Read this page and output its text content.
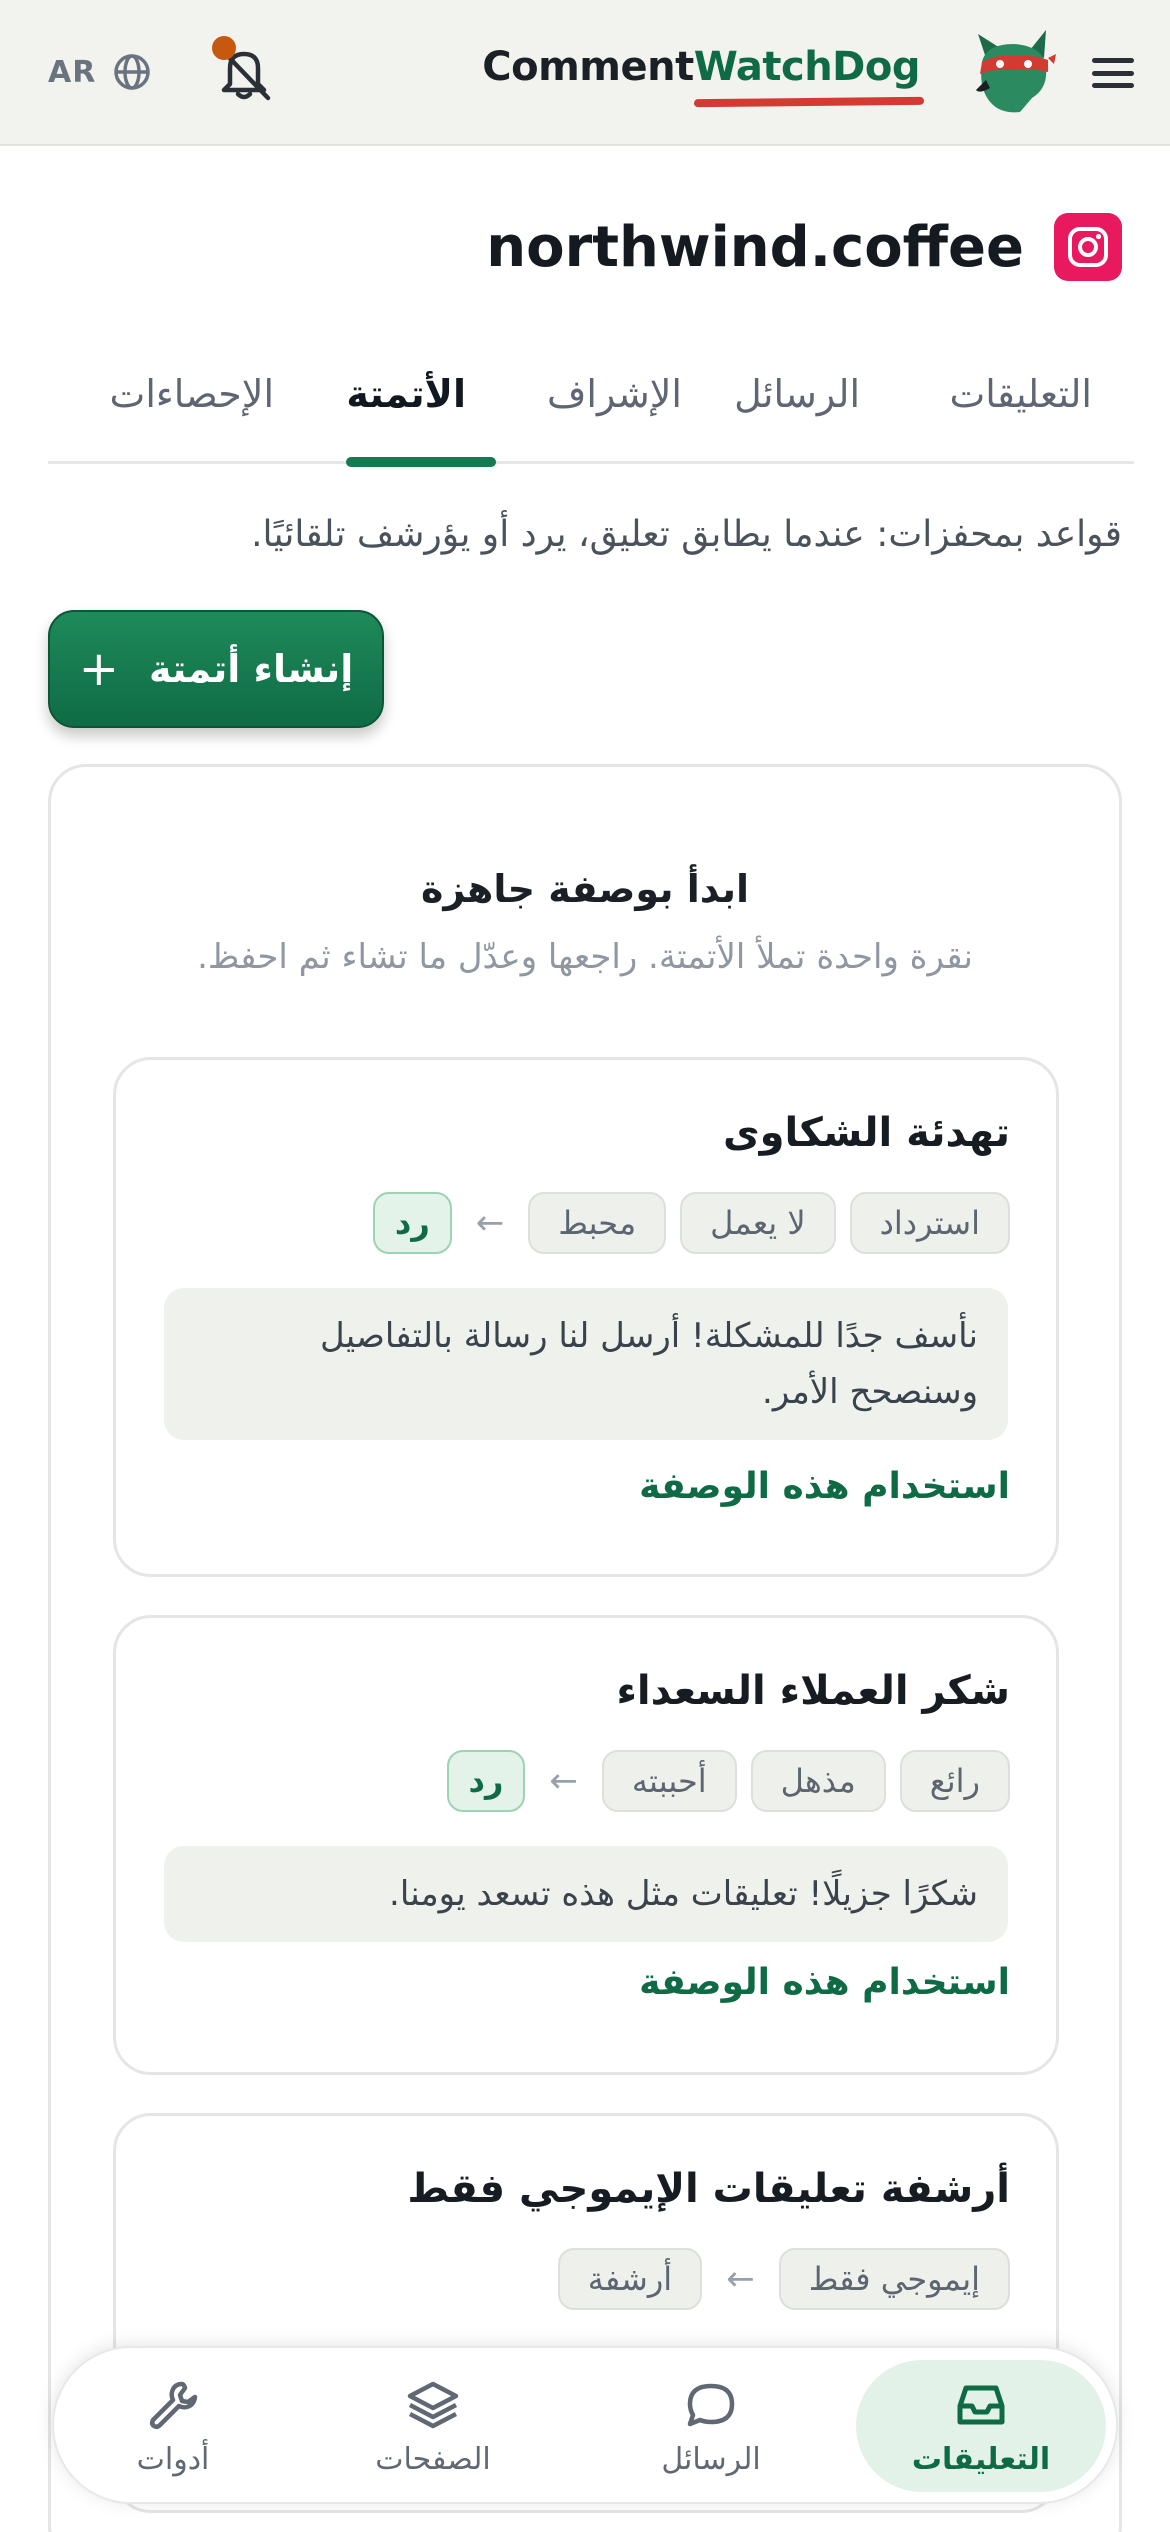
CommentWatchDog
AR
northwind.coffee
التعليقات
الرسائل
الإشراف
الأتمتة
الإحصاءات
قواعد بمحفزات: عندما يطابق تعليق، يرد أو يؤرشف تلقائيًا.
إنشاء أتمتة
+
ابدأ بوصفة جاهزة
نقرة واحدة تملأ الأتمتة. راجعها وعدّل ما تشاء ثم احفظ.
تهدئة الشكاوى
استرداد
لا يعمل
محبط
←
رد
نأسف جدًا للمشكلة! أرسل لنا رسالة بالتفاصيل وسنصحح الأمر.
استخدام هذه الوصفة
شكر العملاء السعداء
رائع
مذهل
أحببته
←
رد
شكرًا جزيلًا! تعليقات مثل هذه تسعد يومنا.
استخدام هذه الوصفة
أرشفة تعليقات الإيموجي فقط
إيموجي فقط
←
أرشفة
التعليقات
الرسائل
الصفحات
أدوات
